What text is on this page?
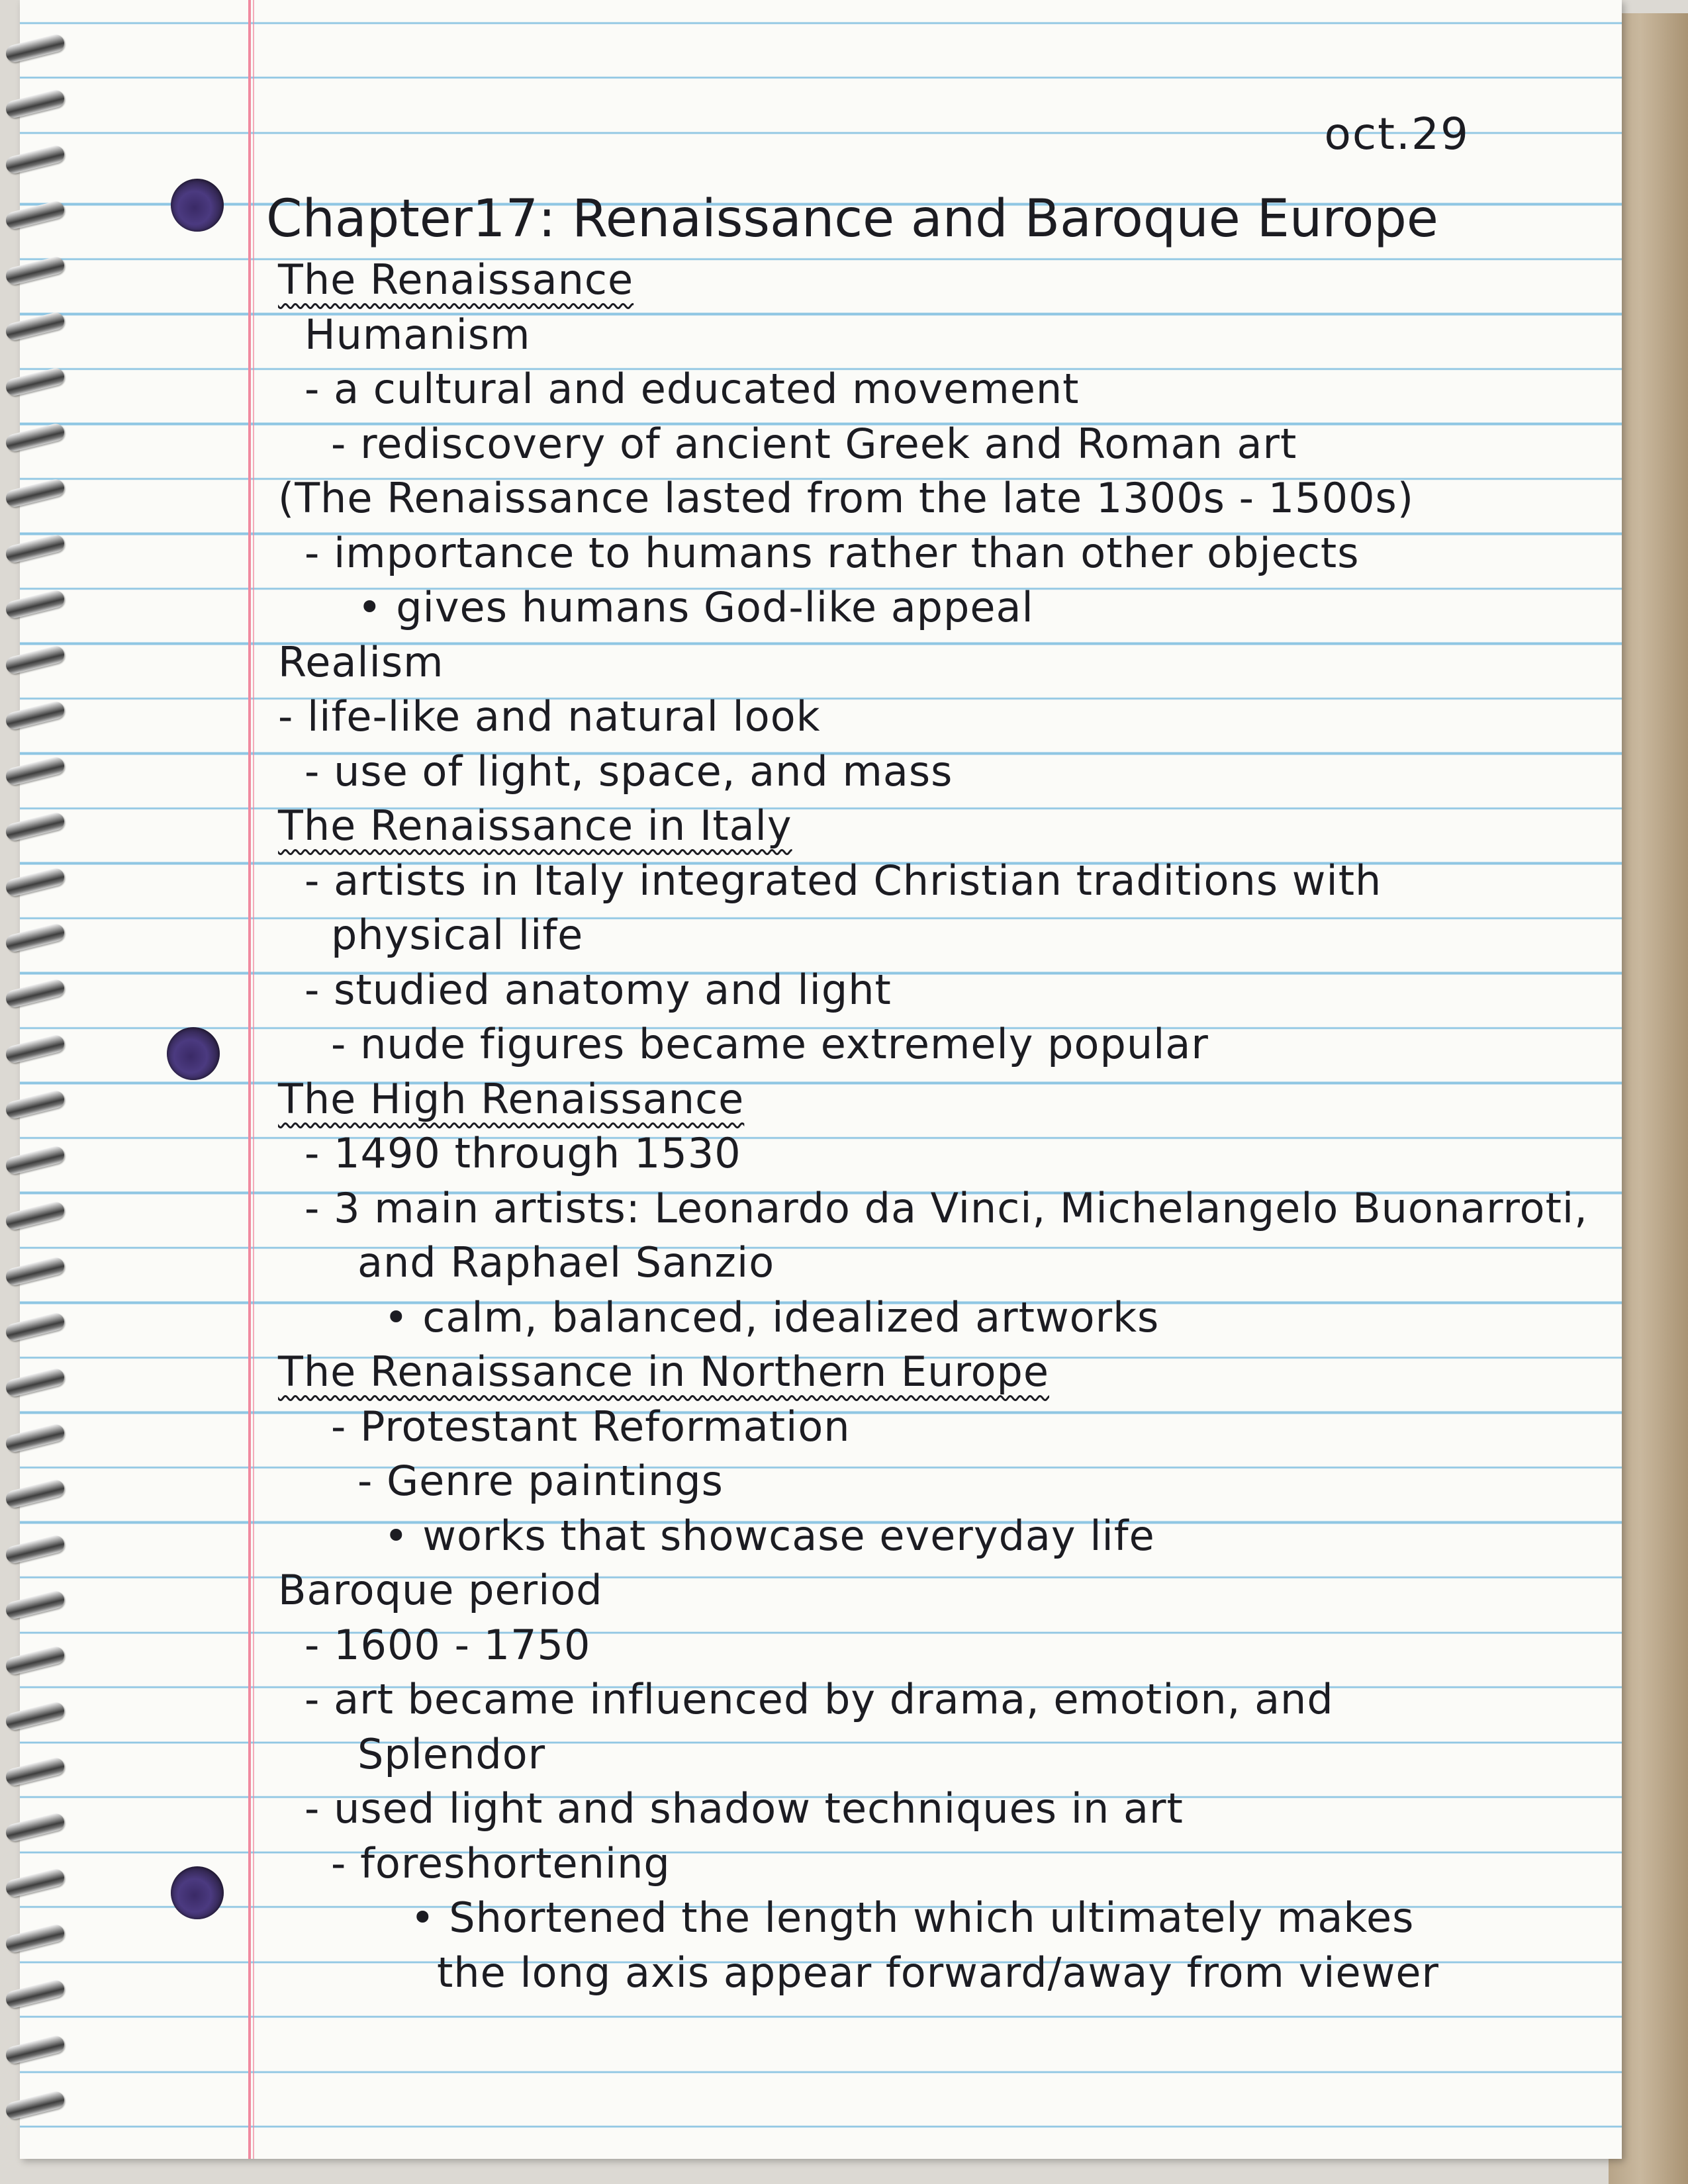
oct.29
Chapter17: Renaissance and Baroque Europe
The Renaissance
Humanism
- a cultural and educated movement
- rediscovery of ancient Greek and Roman art
(The Renaissance lasted from the late 1300s - 1500s)
- importance to humans rather than other objects
• gives humans God-like appeal
Realism
- life-like and natural look
- use of light, space, and mass
The Renaissance in Italy
- artists in Italy integrated Christian traditions with
physical life
- studied anatomy and light
- nude figures became extremely popular
The High Renaissance
- 1490 through 1530
- 3 main artists: Leonardo da Vinci, Michelangelo Buonarroti,
and Raphael Sanzio
• calm, balanced, idealized artworks
The Renaissance in Northern Europe
- Protestant Reformation
- Genre paintings
• works that showcase everyday life
Baroque period
- 1600 - 1750
- art became influenced by drama, emotion, and
Splendor
- used light and shadow techniques in art
- foreshortening
• Shortened the length which ultimately makes
the long axis appear forward/away from viewer
